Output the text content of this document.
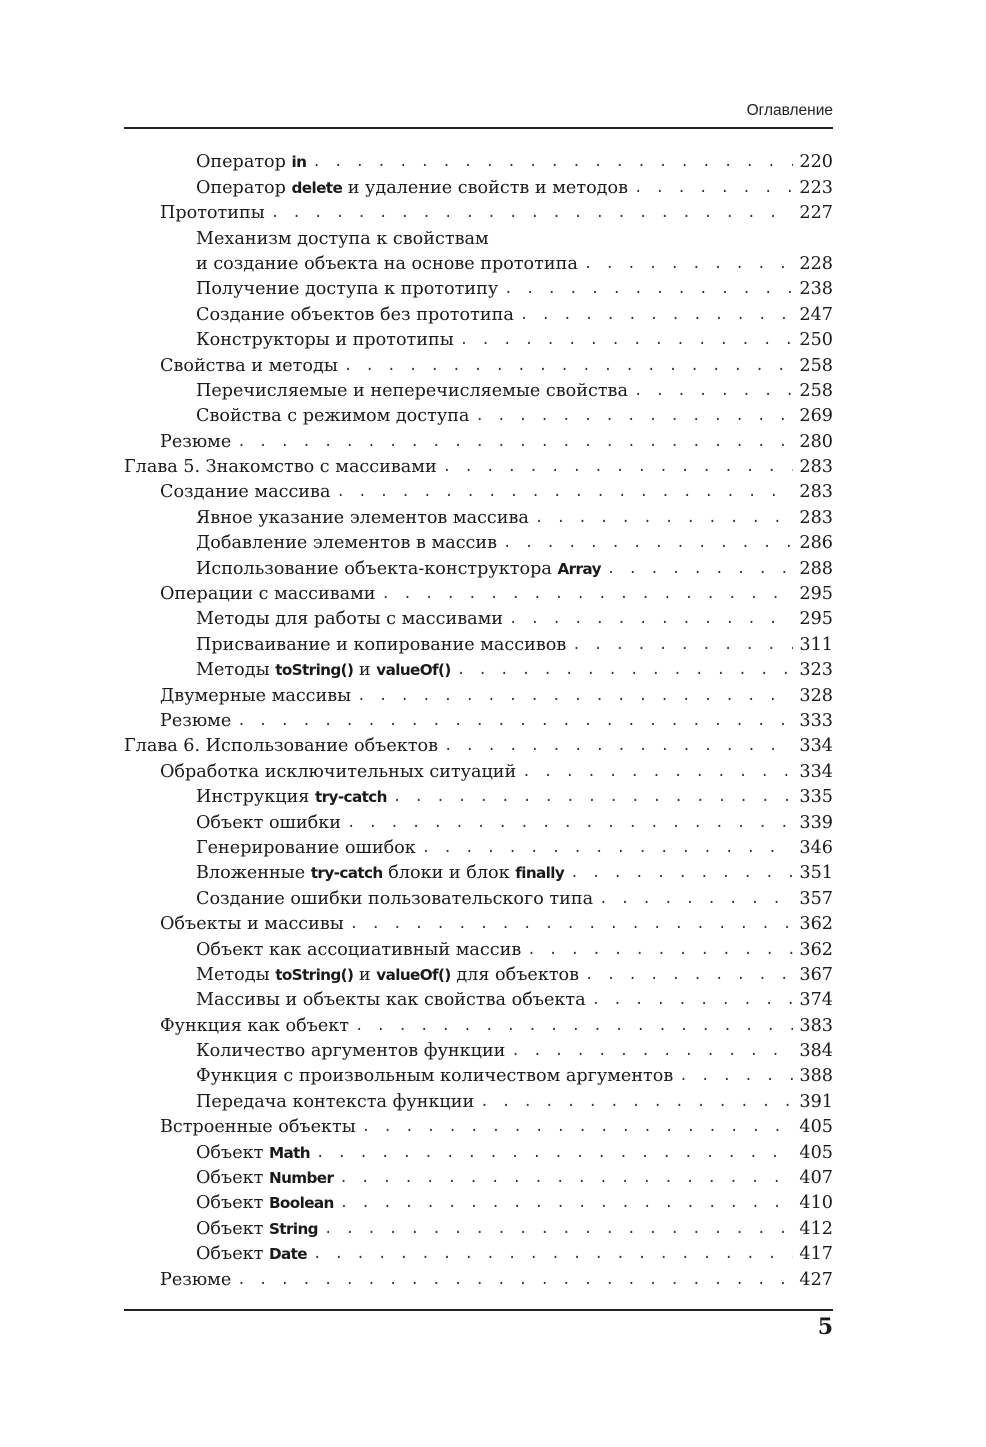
Оглавление
Оператор in . . .	220
Оператор delete и удаление свойств и методов . . .	223
Прототипы . . .	227
Механизм доступа к свойствам
и создание объекта на основе прототипа . . .	228
Получение доступа к прототипу . . .	238
Создание объектов без прототипа . . .	247
Конструкторы и прототипы . . .	250
Свойства и методы . . .	258
Перечисляемые и неперечисляемые свойства . . .	258
Свойства с режимом доступа . . .	269
Резюме . . .	280
Глава 5. Знакомство с массивами . . .	283
Создание массива . . .	283
Явное указание элементов массива . . .	283
Добавление элементов в массив . . .	286
Использование объекта-конструктора Array . . .	288
Операции с массивами . . .	295
Методы для работы с массивами . . .	295
Присваивание и копирование массивов . . .	311
Методы toString() и valueOf() . . .	323
Двумерные массивы . . .	328
Резюме . . .	333
Глава 6. Использование объектов . . .	334
Обработка исключительных ситуаций . . .	334
Инструкция try-catch . . .	335
Объект ошибки . . .	339
Генерирование ошибок . . .	346
Вложенные try-catch блоки и блок finally . . .	351
Создание ошибки пользовательского типа . . .	357
Объекты и массивы . . .	362
Объект как ассоциативный массив . . .	362
Методы toString() и valueOf() для объектов . . .	367
Массивы и объекты как свойства объекта . . .	374
Функция как объект . . .	383
Количество аргументов функции . . .	384
Функция с произвольным количеством аргументов . . .	388
Передача контекста функции . . .	391
Встроенные объекты . . .	405
Объект Math . . .	405
Объект Number . . .	407
Объект Boolean . . .	410
Объект String . . .	412
Объект Date . . .	417
Резюме . . .	427
5
